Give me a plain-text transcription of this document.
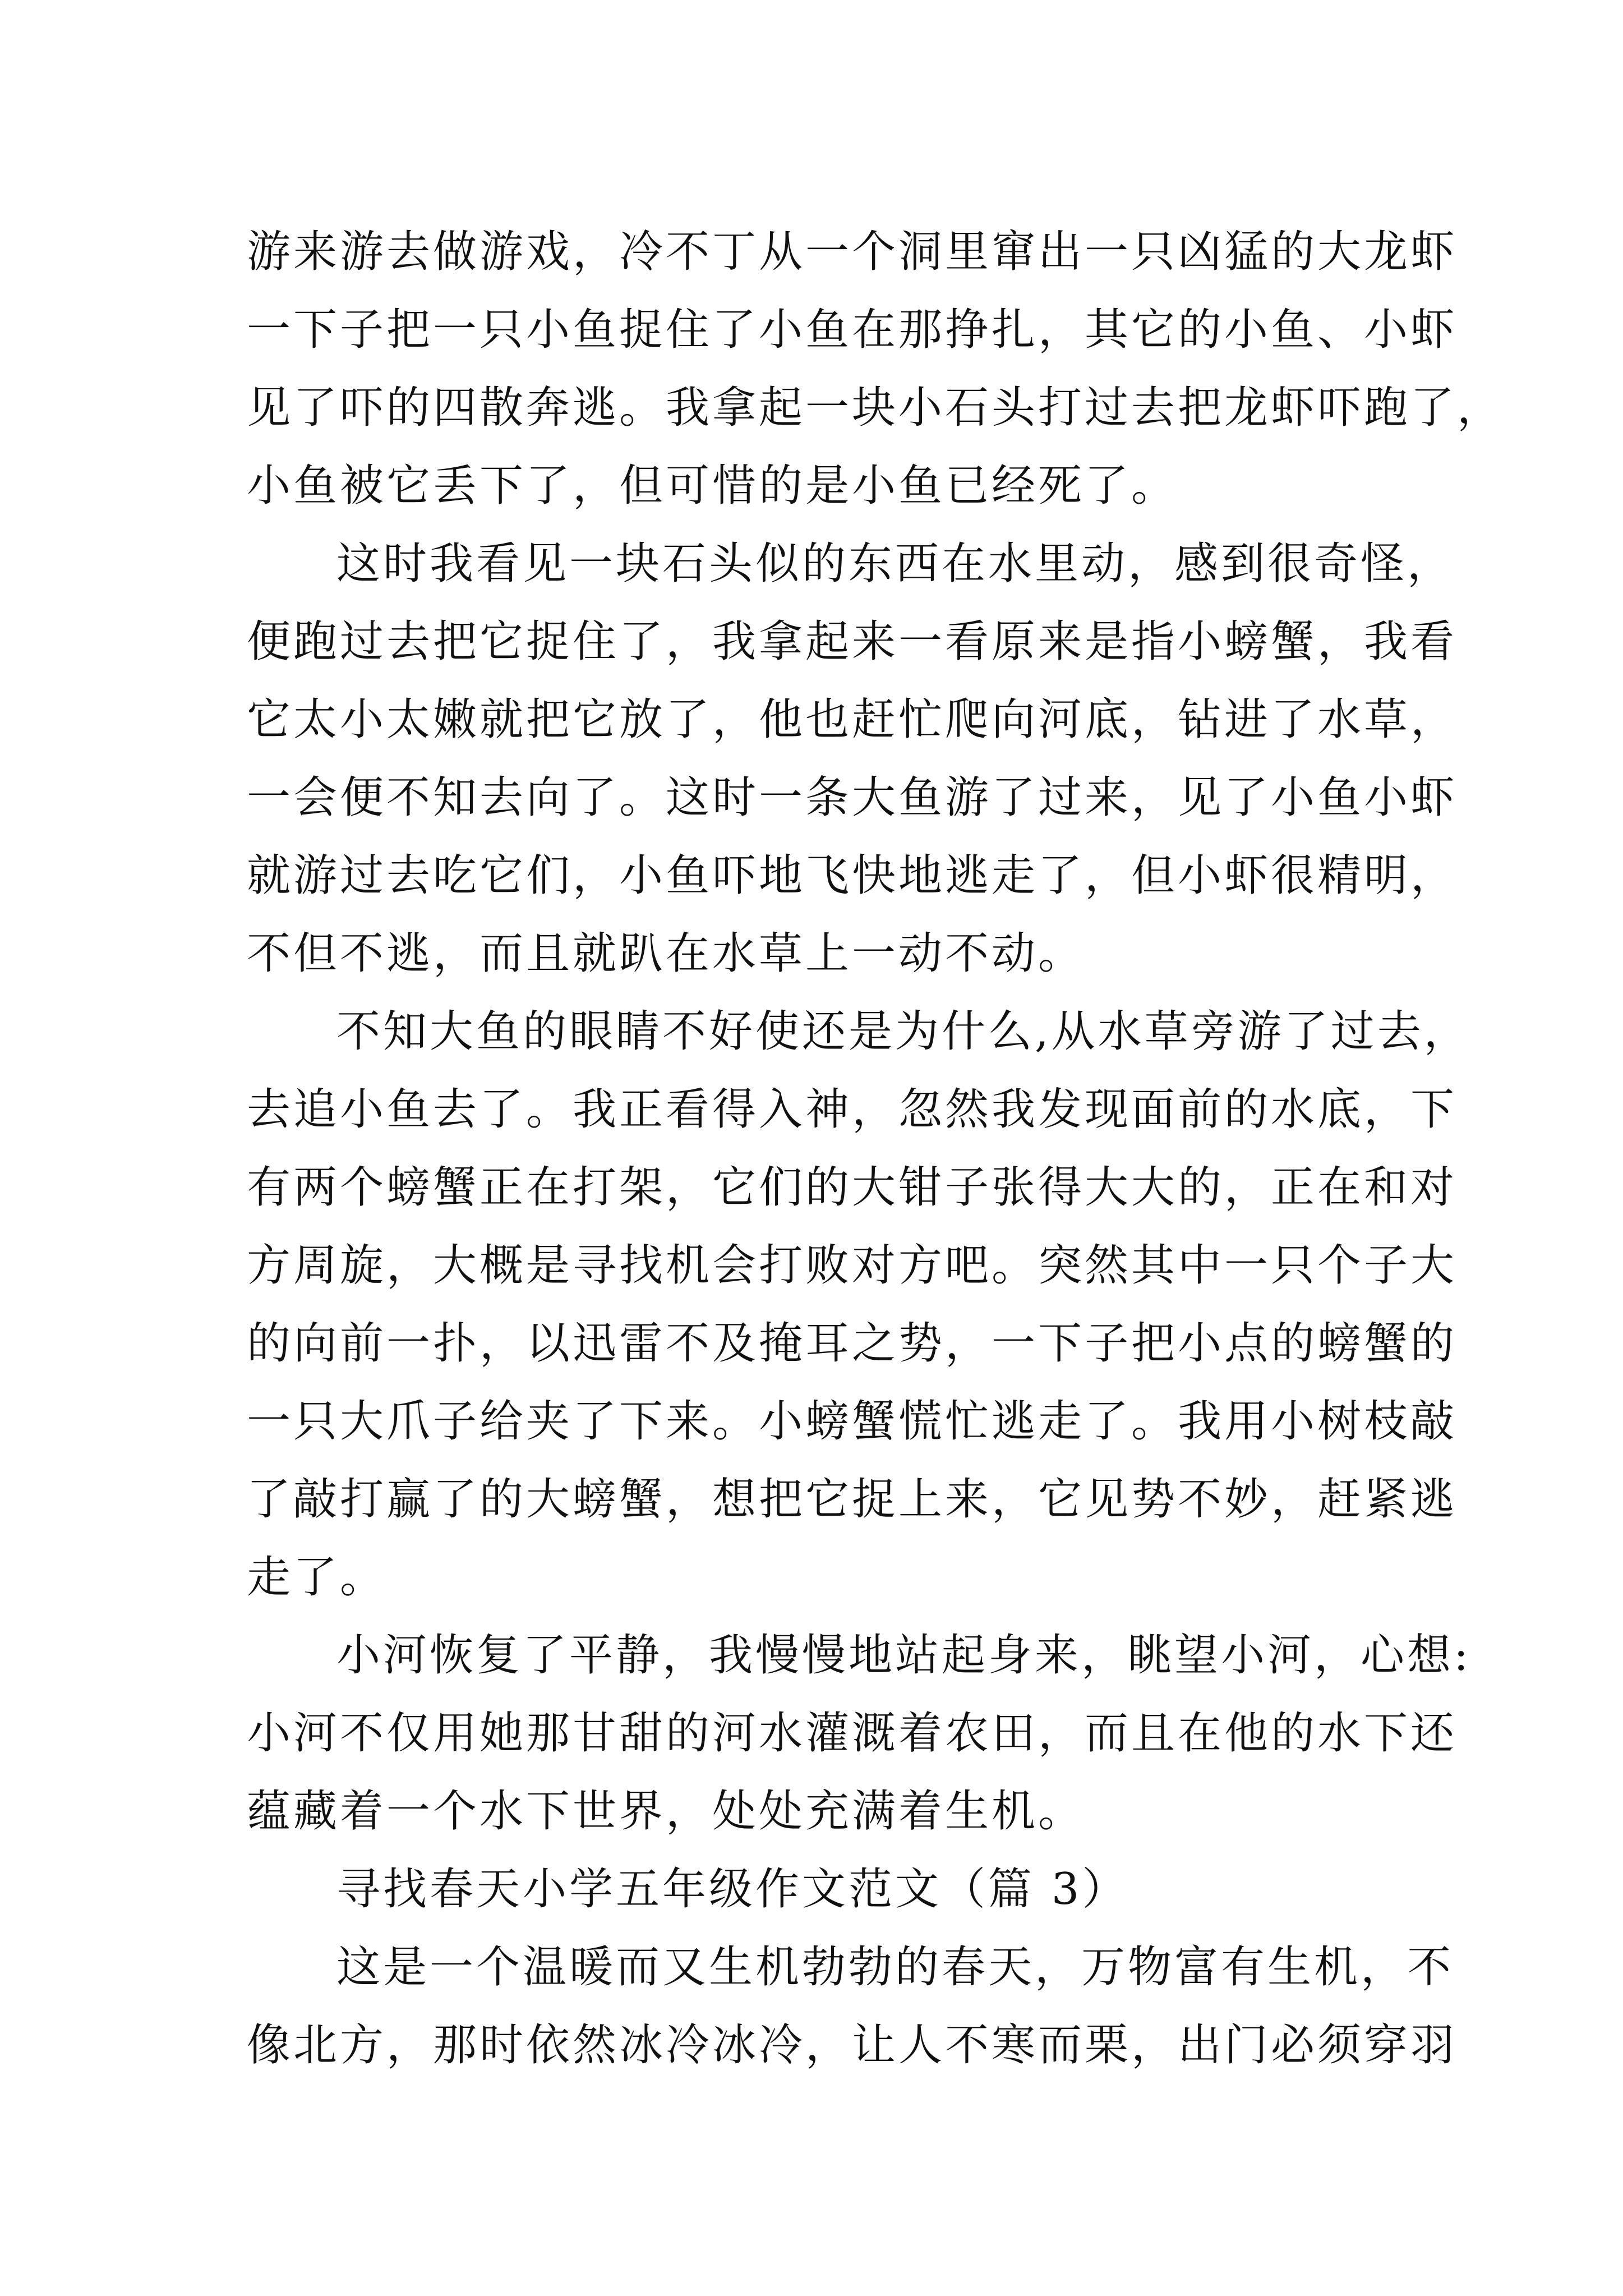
游来游去做游戏，冷不丁从一个洞里窜出一只凶猛的大龙虾
一下子把一只小鱼捉住了小鱼在那挣扎，其它的小鱼、小虾
见了吓的四散奔逃。我拿起一块小石头打过去把龙虾吓跑了，
小鱼被它丢下了，但可惜的是小鱼已经死了。
这时我看见一块石头似的东西在水里动，感到很奇怪，
便跑过去把它捉住了，我拿起来一看原来是指小螃蟹，我看
它太小太嫩就把它放了，他也赶忙爬向河底，钻进了水草，
一会便不知去向了。这时一条大鱼游了过来，见了小鱼小虾
就游过去吃它们，小鱼吓地飞快地逃走了，但小虾很精明，
不但不逃，而且就趴在水草上一动不动。
不知大鱼的眼睛不好使还是为什么,从水草旁游了过去，
去追小鱼去了。我正看得入神，忽然我发现面前的水底，下
有两个螃蟹正在打架，它们的大钳子张得大大的，正在和对
方周旋，大概是寻找机会打败对方吧。突然其中一只个子大
的向前一扑，以迅雷不及掩耳之势，一下子把小点的螃蟹的
一只大爪子给夹了下来。小螃蟹慌忙逃走了。我用小树枝敲
了敲打赢了的大螃蟹，想把它捉上来，它见势不妙，赶紧逃
走了。
小河恢复了平静，我慢慢地站起身来，眺望小河，心想:
小河不仅用她那甘甜的河水灌溉着农田，而且在他的水下还
蕴藏着一个水下世界，处处充满着生机。
寻找春天小学五年级作文范文（篇 3）
这是一个温暖而又生机勃勃的春天，万物富有生机，不
像北方，那时依然冰冷冰冷，让人不寒而栗，出门必须穿羽
